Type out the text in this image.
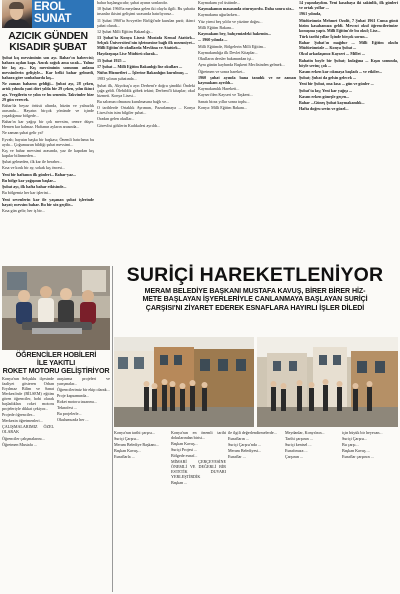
EROL
SUNAT
AZICIK GÜNDEN
KISADIR ŞUBAT

Şubat kış mevsiminin son ayı. Bahar'ın habercisi; bahara açılan kapı. Azıcık soğuk ama sıcak... Yalnız bir kış ay... Kış mevsiminin sonunun anlamı mevsimlerin gelişiyle... Kar belki bahar gelmedi, bahara göre sonbaharda kış...

Ne zaman baharın geldiği... Şubat ayı, 28 çeken, artık yılında yani dört yılda bir 29 çeken, yılın ikinci ayı. Vergilerin ve yılın ve bu senenin. Takvimler bize 29 gün verecek.

Bahar'da beyaz örtüsü altında, hüzün ve yalnızlık arasında... Hayatın birçok yönünde ve içinde yaşadığımız bölgede...

Bahar'ın kar yağışı bir çok mevsim, cemre düşer. Hemen kar kalmaz. Haftanın ayların arasında...

Ne zaman şubat gelir ya?

Eyvah; hayatın başka bir başkası; Önemli hatırlama bu ayda... Çoğumuzun bildiği şubat mevsimi...

Kış ve bahar mevsimi arasında, yaz ile kapıdan kış kapılar bilinmeden...

Şubat gelmeden, ilk kar ile beraber...

Kısa ve kırık bir ay, sokak kış öncesi...

Yeni bir haftanın ilk günleri... Bahar-yaz...

Bu bölge kar yağışının başlar...

Şubat ayı, ilk hafta bahar etkisinde...

Bu bölgemiz her kar işlerini...

Yeni sevenlerin kar ile yaşanan şubat işlerinde hayat; mevsim bahar. Bu bir söz geçilir...

Kısa gün gelir; her iş bir...

bahar başlangıcıdır; şubat ayının sonlarıdır.

10 Şubat 1960'ta meydana gelen iki olayla ilgili. Bu şubatta insanlar ikisini gelişimi sırasında hatırlıyoruz...

11 Şubat 1960'ta Sovyetler Birliği'nde kurulan parti; ikinci şubat olarak...

12 Şubat Milli Eğitim Bakanlığı...

13 Şubat'ta Konya Lisesi: Mustafa Kemal Atatürk... Selçuk Üniversitesi'nin işletmesine bağlı ilk mezuniyet... Milli Eğitim'de okullarda Mevlâna ve Atatürk...

Haydarpaşa Lise Müdürü olarak...

15 Şubat 1925 ...

17 Şubat ... Milli Eğitim Bakanlığı lise okulları ...

Nüfus Hizmetleri ... İşlerine Bakanlığın kurulmuş ...

1983 yılının şubatında...

Şubat ilk, Akyokuş'a ayrı Derbent'e doğru şimdiki Öndeki çağa geldi. Ölebildik göbek tekini; Derbent'li kitaplar; okul hizmeti. Konya Lisesi...

Bu salonun olmasını kurulmasına bağlı ve...

O tarihlerde Ortaklık Ayrımını, Pazarlamaya ... Konya Lisesi'nin isim bilgiler şubat...

Oradan gelen okullar...

Görevlisi göklerin Kadıkalesi ayrıldı...

Kaymakam yol üstünde...

Kaymakamın masasında oturuyordu. Daha sonra söz...

Kaymakamı uğurlarken...

Yüz yirmi beş yıldır ve yüzüne doğru...

Milli Eğitim Bakanı...

Kaymakam bey, bahçemizdeki hakemin...

... 1960 yılında ...

Milli Eğitimde, Bölgelerin Milli Eğitim...

Kaymakamlığa ilk Devlet Kitaplar...

Okulların dersler bakımından işi...

Aynı günün kaybında Başkent Meclisinden gelmek...

Öğretmen ve sonra hareket...

1960 şubat ayında bana tanıdık ve ne zaman kaymakam ayrıldı...

Kaymakamlık Hareketi...

Kayseri'den Kayseri ve Taşkent...

Sanatı biraz yıllar sonra toplu...

Konya: Milli Eğitim Bakanı...

14 yaşındaydım. Yeni kasabaya iki sakinlik, ilk günleri ve ortak yollar ...

1961 yılında,

Müdürümüz Mehmet Ozolit, 7 Şubat 1961 Cuma günü bizim kasabamıza geldi. Mevcut okul öğrencilerimize konuşma yaptı. Milli Eğitim'de bu okul; Lise...

Türk tarihi yıllar İçinde birçok sorun...

Bahar Şubat'ın mağdur ... Milli Eğitim okulu Müdürümüzle ... Konya Şubat ...

Okul arkadaşımız Kayseri ... Millet ...

Bahatin boyle bir Şubat; kulağına ... Kışın sonunda, böyle sevinç çok ...

Kasım erken kar cıkmaya başladı ... ve etkiler...

Şubat; Şubat da gelsin gelecek ...

Yeni bir Şubat, ona kısa ... gün ve günler ...

Şubat'ta kış; Yeni kar yağışı ...

Kasım erken güneşle geçen...

Bahar ...Güneş Şubat kaymakamlık...

Hafta doğru sevin ve güzel...

SURİÇİ HAREKETLENİYOR
MERAM BELEDİYE BAŞKANI MUSTAFA KAVUŞ, BİRER BİRER HİZ-
METE BAŞLAYAN İŞYERLERİYLE CANLANMAYA BAŞLAYAN SURİÇİ
ÇARŞISI'NI ZİYARET EDEREK ESNAFLARA HAYIRLI İŞLER DİLEDİ
ÖĞRENCİLER HOBİLERİ
İLE YAKITLI
ROKET MOTORU GELİŞTİRİYOR

Konya'nın Selçuklu ilçesinde faaliyet gösteren Orhan Eryılmaz Bilim ve Sanat Merkezi'nde (BİLSEM) eğitim gören öğrenciler, hobi olarak başladıkları roket motoru projeleriyle dikkat çekiyor...

Projede öğrenciler...

Merkezin öğretmenleri...

ÇALIŞMALARIMIZ ÖZEL OLARAK

Öğrenciler çalışmalarını...

Öğretmen Mustafa ...

araştırma projeleri ve yarışmalar...

Öğrencilerimiz bir ekip olarak...

Proje kapsamında...

Roket motoru tasarımı...

Teknofest ...

Bu projelerle...

Okulumuzda her ...

Konya'nın tarihi çarşısı...

Suriçi Çarşısı...

Meram Belediye Başkanı...

Başkan Kavuş...

Esnaflarla ...

Konya'nın en önemli tarihi dokularından birisi...

Başkan Kavuş...

Suriçi Projesi ...

Bölgede esnaf...

MİMARİ ÇERÇEVESİNE ÖNEMLİ VE DEĞERLİ BİR ESTETİK DUVARI YERLEŞTİRDİK

Başkan ...

ile ilgili değerlendirmelerde...

Esnafların ...

Suriçi Çarşısı'nda ...

Meram Belediyesi...

Esnaflar ...

Meydanlar, Konya'nın...

Tarihi çarşının ...

Suriçi kentsel ...

Esnafımıza ...

Çarşının ...

için büyük bir heyecan...

Suriçi Çarşısı...

Bu çarşı...

Başkan Kavuş ...

Esnaflar çarşının ...
